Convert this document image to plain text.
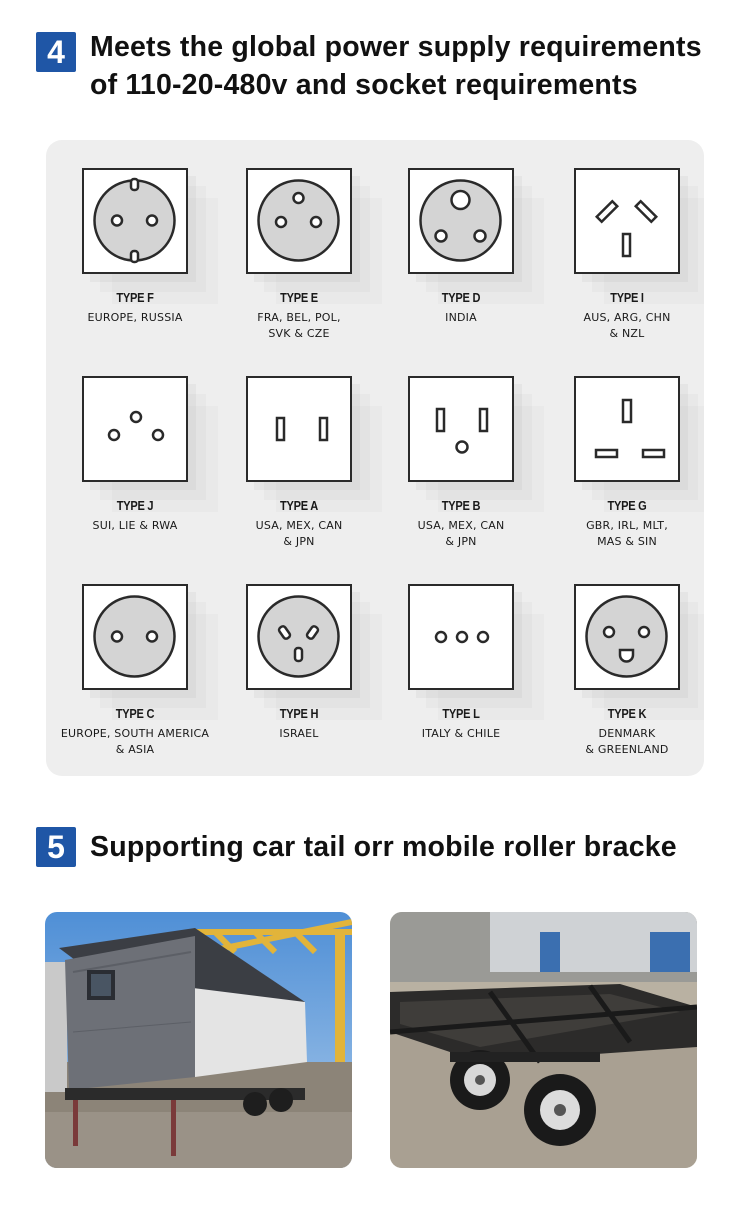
4 Meets the global power supply requirements of 110-20-480v and socket requirements
TYPE F
EUROPE, RUSSIA
TYPE E
FRA, BEL, POL,
SVK & CZE
TYPE D
INDIA
TYPE I
AUS, ARG, CHN
& NZL
TYPE J
SUI, LIE & RWA
TYPE A
USA, MEX, CAN
& JPN
TYPE B
USA, MEX, CAN
& JPN
TYPE G
GBR, IRL, MLT,
MAS & SIN
TYPE C
EUROPE, SOUTH AMERICA
& ASIA
TYPE H
ISRAEL
TYPE L
ITALY & CHILE
TYPE K
DENMARK
& GREENLAND
5 Supporting car tail orr mobile roller bracke
